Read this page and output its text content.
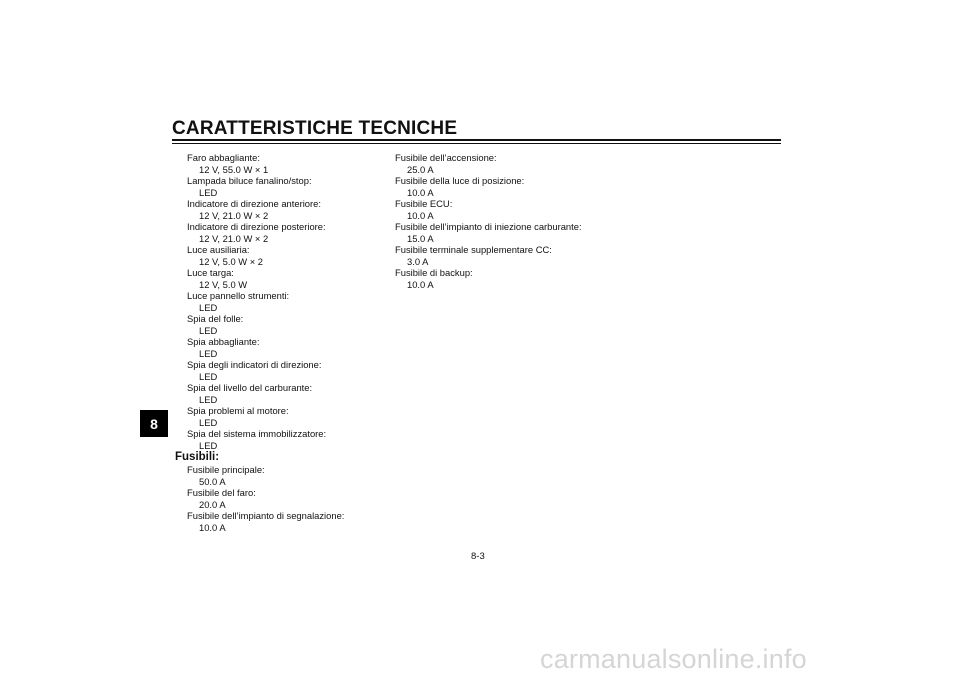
CARATTERISTICHE TECNICHE
8
Faro abbagliante:
12 V, 55.0 W × 1
Lampada biluce fanalino/stop:
LED
Indicatore di direzione anteriore:
12 V, 21.0 W × 2
Indicatore di direzione posteriore:
12 V, 21.0 W × 2
Luce ausiliaria:
12 V, 5.0 W × 2
Luce targa:
12 V, 5.0 W
Luce pannello strumenti:
LED
Spia del folle:
LED
Spia abbagliante:
LED
Spia degli indicatori di direzione:
LED
Spia del livello del carburante:
LED
Spia problemi al motore:
LED
Spia del sistema immobilizzatore:
LED
Fusibili:
Fusibile principale:
50.0 A
Fusibile del faro:
20.0 A
Fusibile dell’impianto di segnalazione:
10.0 A
Fusibile dell’accensione:
25.0 A
Fusibile della luce di posizione:
10.0 A
Fusibile ECU:
10.0 A
Fusibile dell’impianto di iniezione carburante:
15.0 A
Fusibile terminale supplementare CC:
3.0 A
Fusibile di backup:
10.0 A
8-3
carmanualsonline.info
